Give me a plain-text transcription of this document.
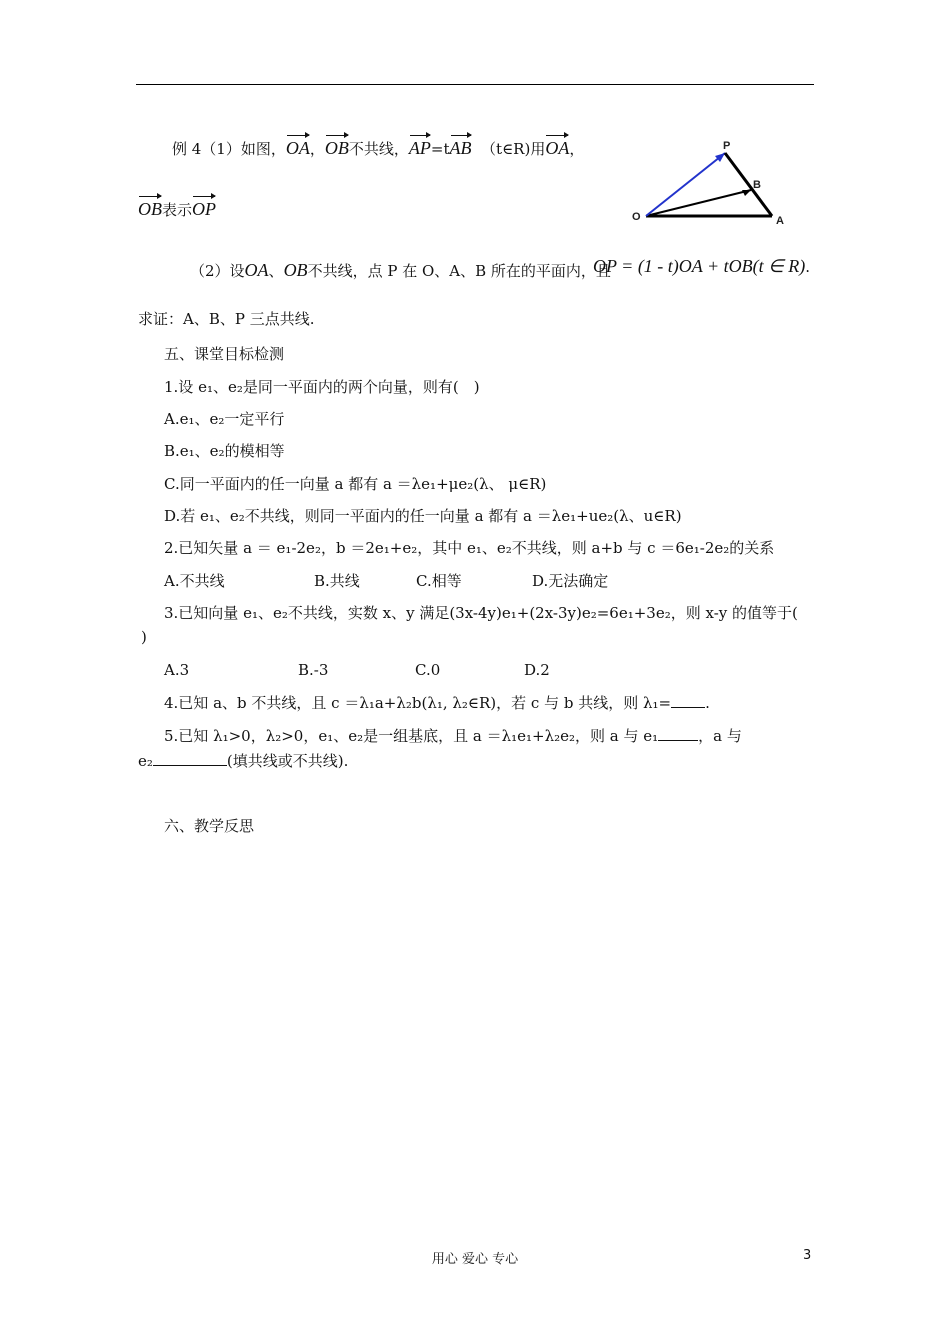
例 4（1）如图，OA，OB不共线，AP=tAB （t∈R)用OA，
OB表示OP	O	A
B
P
（2）设OA、OB不共线，点 P 在 O、A、B 所在的平面内，且
OP = (1 - t)OA + tOB(t ∈ R).
求证：A、B、P 三点共线.
五、课堂目标检测
1.设 e₁、e₂是同一平面内的两个向量，则有(　)
A.e₁、e₂一定平行
B.e₁、e₂的模相等
C.同一平面内的任一向量 a 都有 a ＝λe₁+μe₂(λ、 μ∈R)
D.若 e₁、e₂不共线，则同一平面内的任一向量 a 都有 a ＝λe₁+ue₂(λ、u∈R)
2.已知矢量 a ＝ e₁-2e₂，b ＝2e₁+e₂，其中 e₁、e₂不共线，则 a+b 与 c ＝6e₁-2e₂的关系
A.不共线	B.共线	C.相等	D.无法确定
3.已知向量 e₁、e₂不共线，实数 x、y 满足(3x-4y)e₁+(2x-3y)e₂=6e₁+3e₂，则 x-y 的值等于(
)
A.3	B.-3	C.0	D.2
4.已知 a、b 不共线，且 c ＝λ₁a+λ₂b(λ₁, λ₂∈R)，若 c 与 b 共线，则 λ₁= .
5.已知 λ₁>0，λ₂>0，e₁、e₂是一组基底，且 a ＝λ₁e₁+λ₂e₂，则 a 与 e₁	，a 与
e₂	(填共线或不共线).
六、教学反思
用心 爱心 专心	3
